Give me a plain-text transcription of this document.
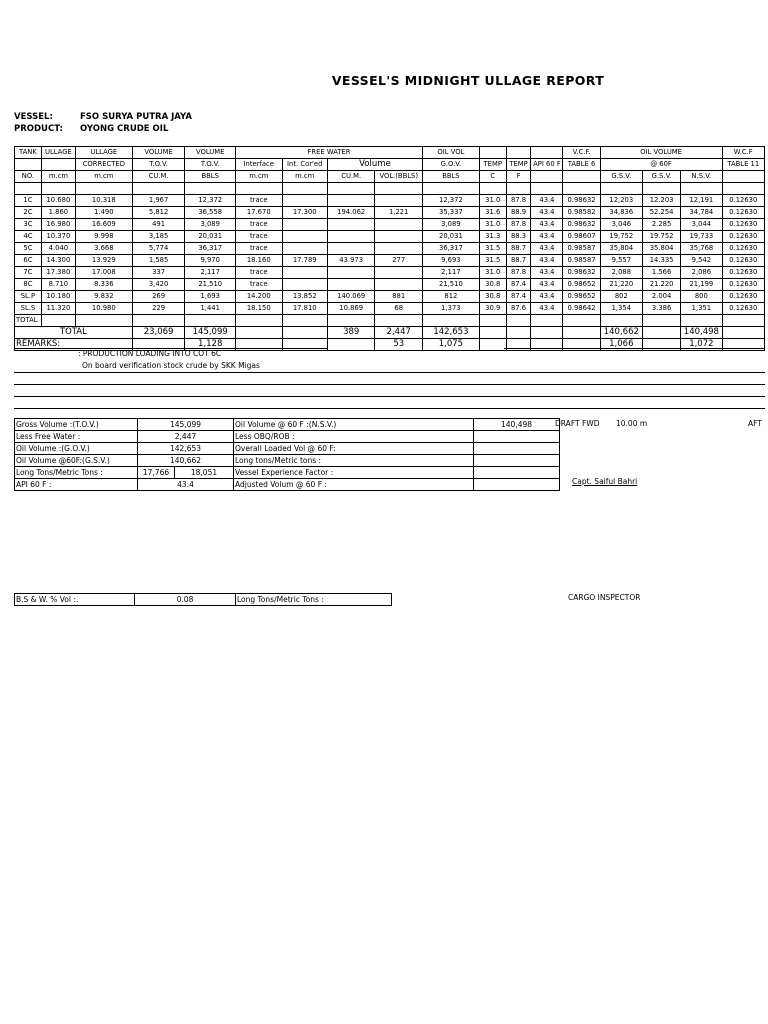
VESSEL'S MIDNIGHT ULLAGE REPORT
VESSEL:	FSO SURYA PUTRA JAYA
PRODUCT: OYONG CRUDE OIL
TANK	ULLAGE	ULLAGE	VOLUME	VOLUME	FREE WATER				OIL VOL				V.C.F.	OIL VOLUME			W.C.F
		CORRECTED	T.O.V.	T.O.V.	Interface	Int. Cor'ed	Volume		G.O.V.	TEMP	TEMP	API 60 F	TABLE 6	@ 60F			TABLE 11
NO.	m.cm	m.cm	CU.M.	BBLS	m.cm	m.cm	CU.M.	VOL.(BBLS)	BBLS	C	F			G.S.V.	G.S.V.	N.S.V.	

1C	10.680	10.318	1,967	12,372	trace				12,372	31.0	87.8	43.4	0.98632	12,203	12.203	12,191	0.12630
2C	1.860	1.490	5,812	36,558	17.670	17.300	194.062	1,221	35,337	31.6	88.9	43.4	0.98582	34,836	52.254	34,784	0.12630
3C	16.980	16.609	491	3,089	trace				3,089	31.0	87.8	43.4	0.98632	3,046	2.285	3,044	0.12630
4C	10.370	9.998	3,185	20,031	trace				20,031	31.3	88.3	43.4	0.98607	19,752	19.752	19,733	0.12630
5C	4.040	3.668	5,774	36,317	trace				36,317	31.5	88.7	43.4	0.98587	35,804	35.804	35,768	0.12630
6C	14.300	13.929	1,585	9,970	18.160	17.789	43.973	277	9,693	31.5	88.7	43.4	0.98587	9,557	14.335	9,542	0.12630
7C	17.380	17.008	337	2,117	trace				2,117	31.0	87.8	43.4	0.98632	2,088	1.566	2,086	0.12630
8C	8.710	8.336	3,420	21,510	trace				21,510	30.8	87.4	43.4	0.98652	21,220	21.220	21,199	0.12630
SL.P	10.180	9.832	269	1,693	14.200	13.852	140.069	881	812	30.8	87.4	43.4	0.98652	802	2.004	800	0.12630
SL.S	11.320	10.980	229	1,441	18.150	17.810	10.869	68	1,373	30.9	87.6	43.4	0.98642	1,354	3.386	1,351	0.12630
TOTAL																	
TOTAL			23,069	145,099			389	2,447	142,653					140,662		140,498	
REMARKS:				1,128				53	1,075					1,066		1,072	
: PRODUCTION LOADING INTO COT 6C
On board verification stock crude by SKK Migas
Gross Volume :(T.O.V.)	145,099		Oil Volume @ 60 F :(N.S.V.)	140,498
Less Free Water :	2,447		Less OBQ/ROB :	
Oil Volume :(G.O.V.)	142,653		Overall Loaded Vol @ 60 F:	
Oil Volume @60F:(G.S.V.)	140,662		Long tons/Metric tons :	
Long Tons/Metric Tons :	17,766	18,051	Vessel Experience Factor :	
API 60 F :	43.4		Adjusted Volum @ 60 F :	
B.S & W. % Vol :.	0.08	Long Tons/Metric Tons :
DRAFT FWD 10.00 m	AFT
Capt. Saiful Bahri
CARGO INSPECTOR
